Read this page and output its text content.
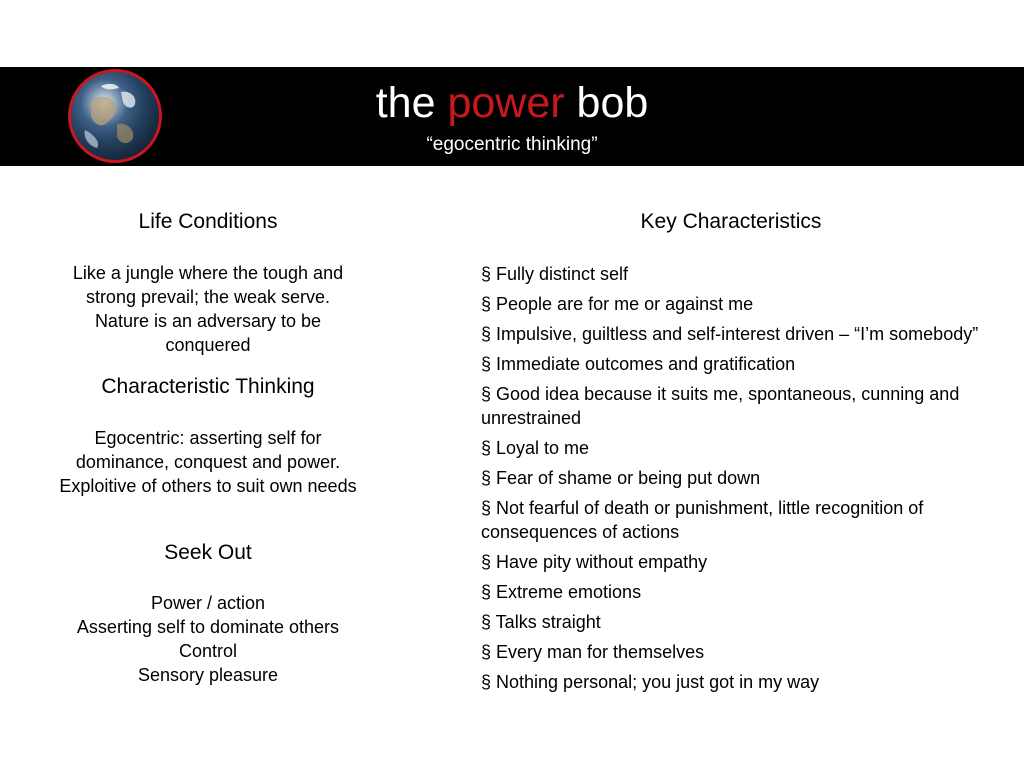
the power bob
“egocentric thinking”
Life Conditions
Like a jungle where the tough and
strong prevail; the weak serve.
Nature is an adversary to be
conquered
Characteristic Thinking
Egocentric: asserting self for
dominance, conquest and power.
Exploitive of others to suit own needs
Seek Out
Power / action
Asserting self to dominate others
Control
Sensory pleasure
Key Characteristics
§ Fully distinct self
§ People are for me or against me
§ Impulsive, guiltless and self-interest driven – “I’m somebody”
§ Immediate outcomes and gratification
§ Good idea because it suits me, spontaneous, cunning and unrestrained
§ Loyal to me
§ Fear of shame or being put down
§ Not fearful of death or punishment, little recognition of consequences of actions
§ Have pity without empathy
§ Extreme emotions
§ Talks straight
§ Every man for themselves
§ Nothing personal; you just got in my way
